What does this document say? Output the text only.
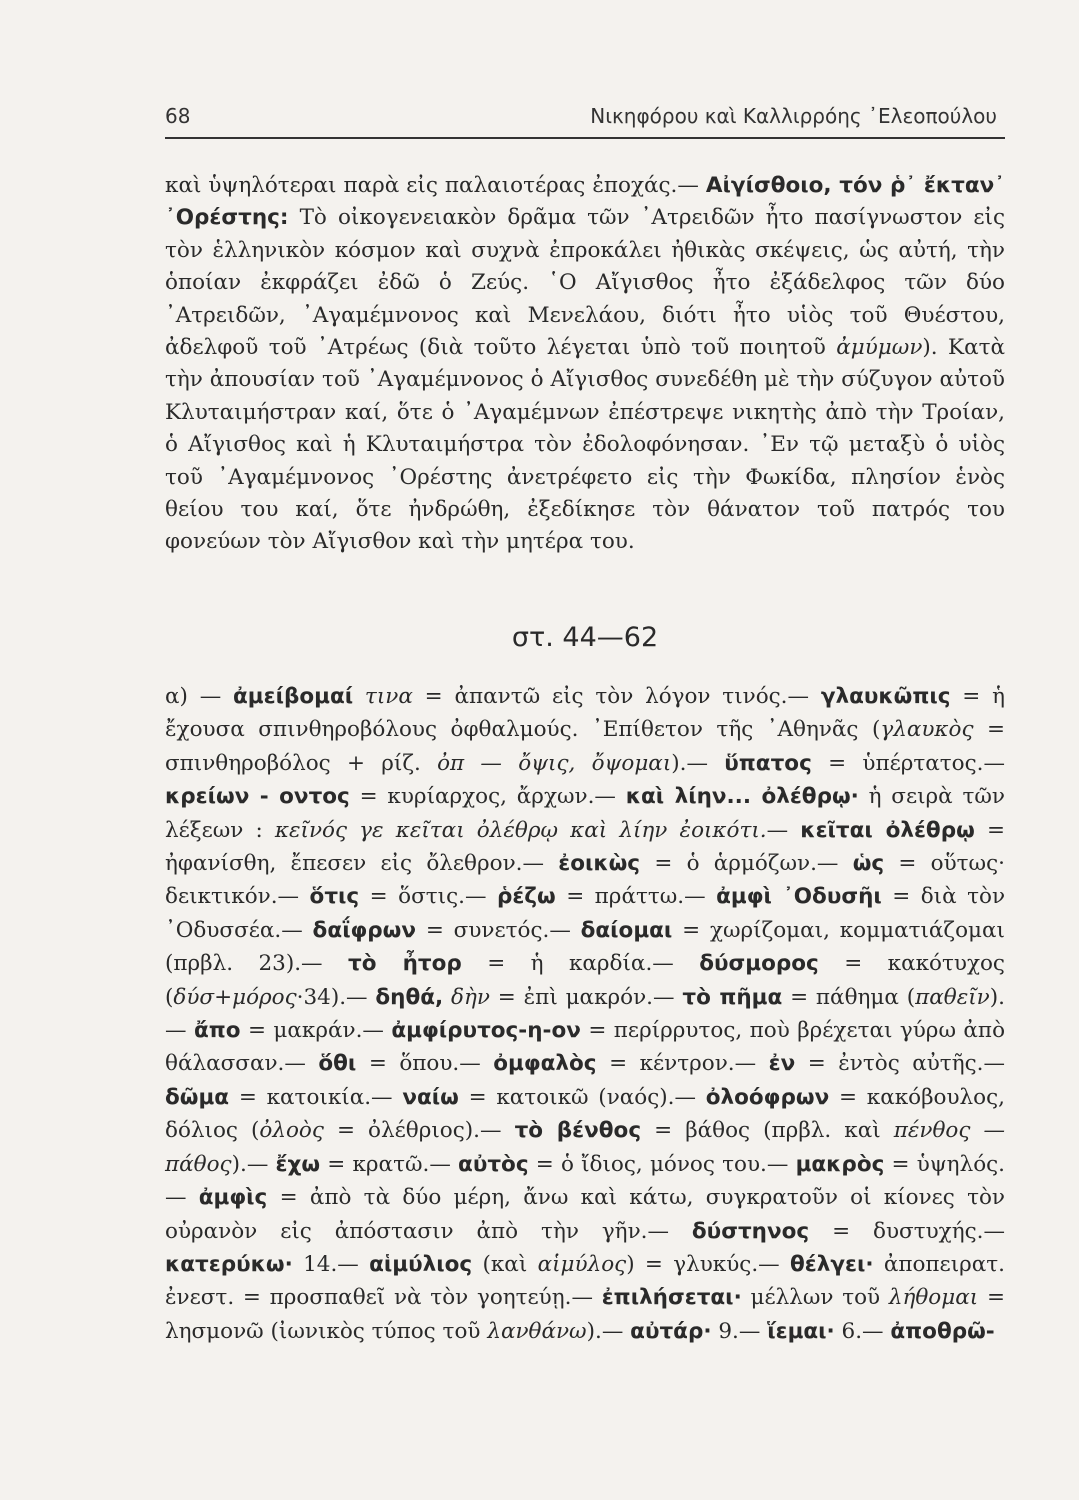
68	Νικηφόρου καὶ Καλλιρρόης ᾿Ελεοπούλου

καὶ ὑψηλότεραι παρὰ εἰς παλαιοτέρας ἐποχάς.— Αἰγίσθοιο, τόν ῥ᾿ ἔκταν᾿ ᾿Ορέστης: Τὸ οἰκογενειακὸν δρᾶμα τῶν ᾿Ατρειδῶν ἦτο πασίγνωστον εἰς τὸν ἑλληνικὸν κόσμον καὶ συχνὰ ἐπροκάλει ἠθικὰς σκέψεις, ὡς αὐτή, τὴν ὁποίαν ἐκφράζει ἐδῶ ὁ Ζεύς. ῾Ο Αἴγισθος ἦτο ἐξάδελφος τῶν δύο ᾿Ατρειδῶν, ᾿Αγαμέμνονος καὶ Μενελάου, διότι ἦτο υἱὸς τοῦ Θυέστου, ἀδελφοῦ τοῦ ᾿Ατρέως (διὰ τοῦτο λέγεται ὑπὸ τοῦ ποιητοῦ ἀμύμων). Κατὰ τὴν ἀπουσίαν τοῦ ᾿Αγαμέμνονος ὁ Αἴγισθος συνεδέθη μὲ τὴν σύζυγον αὐτοῦ Κλυταιμήστραν καί, ὅτε ὁ ᾿Αγαμέμνων ἐπέστρεψε νικητὴς ἀπὸ τὴν Τροίαν, ὁ Αἴγισθος καὶ ἡ Κλυταιμήστρα τὸν ἐδολοφόνησαν. ᾿Εν τῷ μεταξὺ ὁ υἱὸς τοῦ ᾿Αγαμέμνονος ᾿Ορέστης ἀνετρέφετο εἰς τὴν Φωκίδα, πλησίον ἑνὸς θείου του καί, ὅτε ἠνδρώθη, ἐξεδίκησε τὸν θάνατον τοῦ πατρός του φονεύων τὸν Αἴγισθον καὶ τὴν μητέρα του.

στ. 44—62

α) — ἀμείβομαί τινα = ἀπαντῶ εἰς τὸν λόγον τινός.— γλαυκῶπις = ἡ ἔχουσα σπινθηροβόλους ὀφθαλμούς. ᾿Επίθετον τῆς ᾿Αθηνᾶς (γλαυκὸς = σπινθηροβόλος + ρίζ. ὀπ — ὄψις, ὄψομαι).— ὕπατος = ὑπέρτατος.— κρείων - οντος = κυρίαρχος, ἄρχων.— καὶ λίην... ὀλέθρῳ· ἡ σειρὰ τῶν λέξεων : κεῖνός γε κεῖται ὀλέθρῳ καὶ λίην ἐοικότι.— κεῖται ὀλέθρῳ = ἠφανίσθη, ἔπεσεν εἰς ὄλεθρον.— ἐοικὼς = ὁ ἁρμόζων.— ὡς = οὕτως· δεικτικόν.— ὅτις = ὅστις.— ῥέζω = πράττω.— ἀμφὶ ᾿Οδυσῆι = διὰ τὸν ᾿Οδυσσέα.— δαΐφρων = συνετός.— δαίομαι = χωρίζομαι, κομματιάζομαι (πρβλ. 23).— τὸ ἦτορ = ἡ καρδία.— δύσμορος = κακότυχος (δύσ+μόρος·34).— δηθά, δὴν = ἐπὶ μακρόν.— τὸ πῆμα = πάθημα (παθεῖν).— ἄπο = μακράν.— ἀμφίρυτος-η-ον = περίρρυτος, ποὺ βρέχεται γύρω ἀπὸ θάλασσαν.— ὅθι = ὅπου.— ὀμφαλὸς = κέντρον.— ἐν = ἐντὸς αὐτῆς.— δῶμα = κατοικία.— ναίω = κατοικῶ (ναός).— ὀλοόφρων = κακόβουλος, δόλιος (ὀλοὸς = ὀλέθριος).— τὸ βένθος = βάθος (πρβλ. καὶ πένθος — πάθος).— ἔχω = κρατῶ.— αὐτὸς = ὁ ἴδιος, μόνος του.— μακρὸς = ὑψηλός.— ἀμφὶς = ἀπὸ τὰ δύο μέρη, ἄνω καὶ κάτω, συγκρατοῦν οἱ κίονες τὸν οὐρανὸν εἰς ἀπόστασιν ἀπὸ τὴν γῆν.— δύστηνος = δυστυχής.— κατερύκω· 14.— αἱμύλιος (καὶ αἱμύλος) = γλυκύς.— θέλγει· ἀποπειρατ. ἐνεστ. = προσπαθεῖ νὰ τὸν γοητεύῃ.— ἐπιλήσεται· μέλλων τοῦ λήθομαι = λησμονῶ (ἰωνικὸς τύπος τοῦ λανθάνω).— αὐτάρ· 9.— ἵεμαι· 6.— ἀποθρῶ-
